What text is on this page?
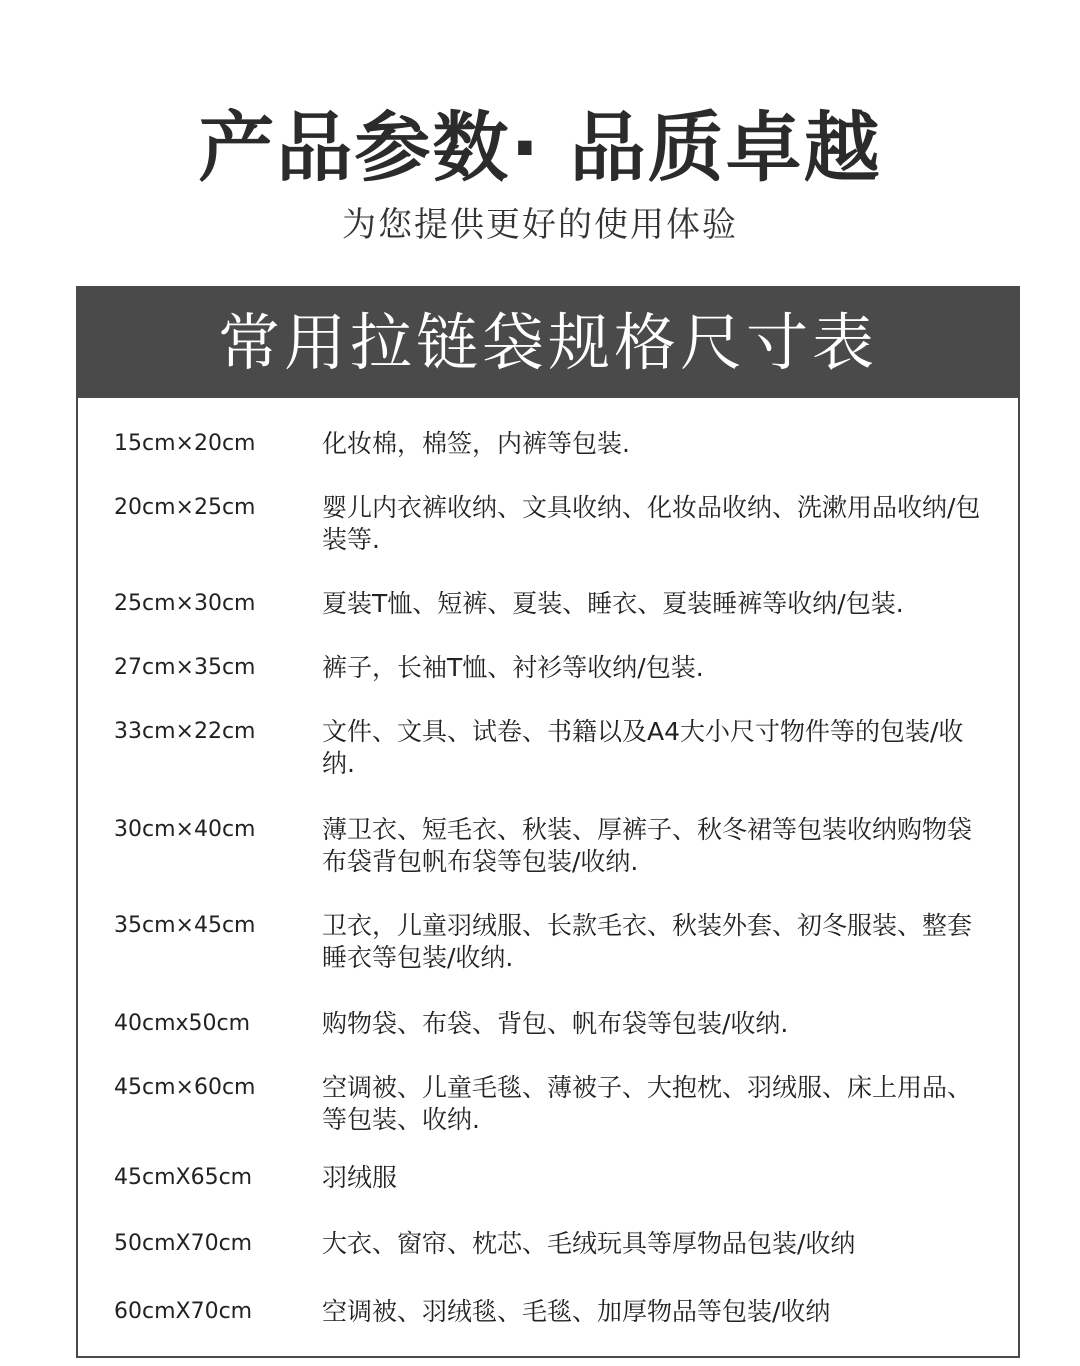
产品参数· 品质卓越
为您提供更好的使用体验
常用拉链袋规格尺寸表
15cm×20cm	化妆棉，棉签，内裤等包装.
20cm×25cm	婴儿内衣裤收纳、文具收纳、化妆品收纳、洗漱用品收纳/包装等.
25cm×30cm	夏装T恤、短裤、夏装、睡衣、夏装睡裤等收纳/包装.
27cm×35cm	裤子，长袖T恤、衬衫等收纳/包装.
33cm×22cm	文件、文具、试卷、书籍以及A4大小尺寸物件等的包装/收纳.
30cm×40cm	薄卫衣、短毛衣、秋装、厚裤子、秋冬裙等包装收纳购物袋布袋背包帆布袋等包装/收纳.
35cm×45cm	卫衣，儿童羽绒服、长款毛衣、秋装外套、初冬服装、整套睡衣等包装/收纳.
40cmx50cm	购物袋、布袋、背包、帆布袋等包装/收纳.
45cm×60cm	空调被、儿童毛毯、薄被子、大抱枕、羽绒服、床上用品、等包装、收纳.
45cmX65cm	羽绒服
50cmX70cm	大衣、窗帘、枕芯、毛绒玩具等厚物品包装/收纳
60cmX70cm	空调被、羽绒毯、毛毯、加厚物品等包装/收纳
